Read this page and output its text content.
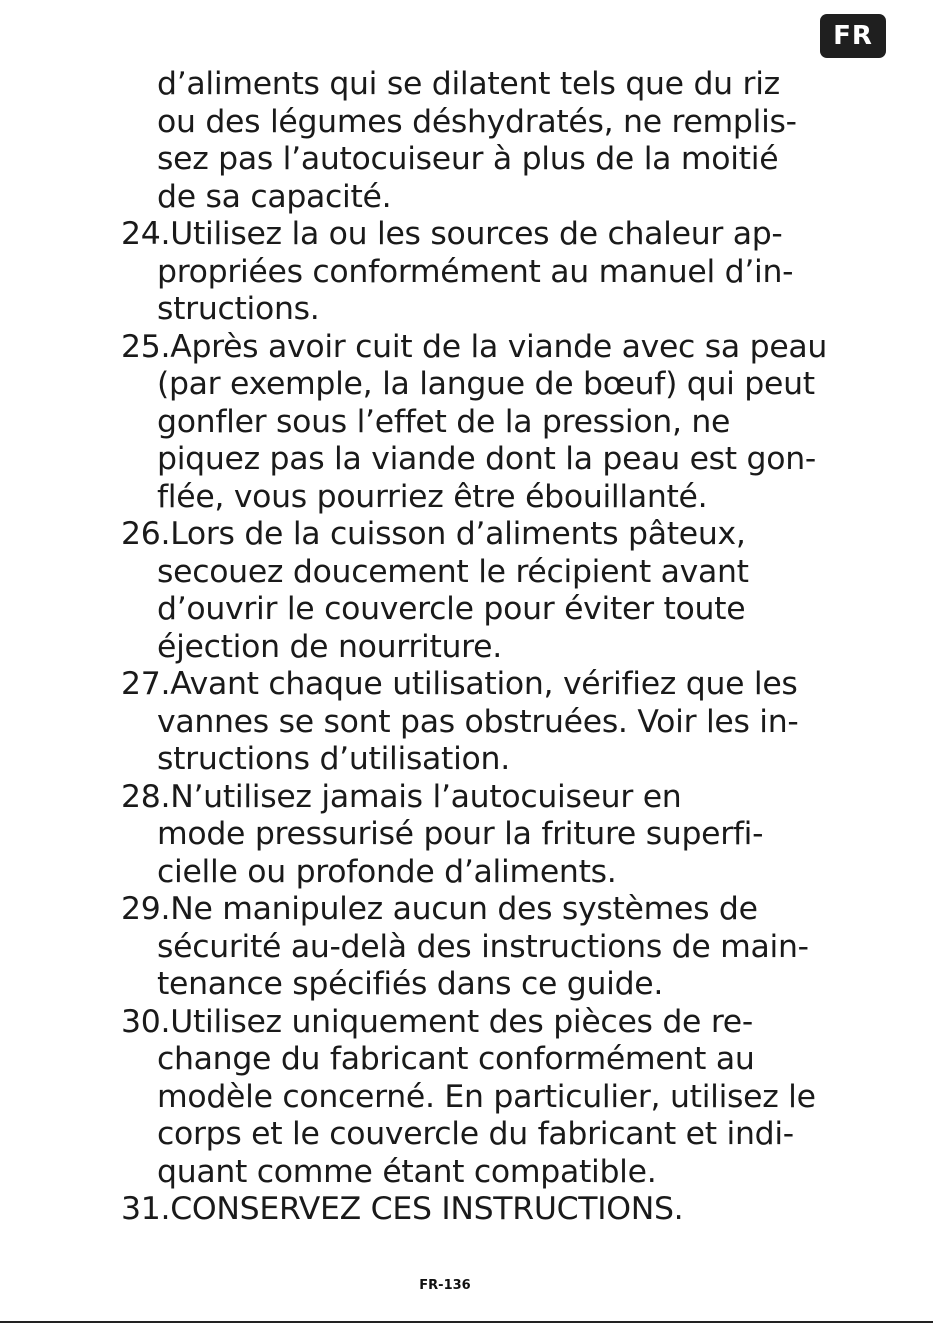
FR
d’aliments qui se dilatent tels que du riz
ou des légumes déshydratés, ne remplis-
sez pas l’autocuiseur à plus de la moitié
de sa capacité.
24.Utilisez la ou les sources de chaleur ap-
propriées conformément au manuel d’in-
structions.
25.Après avoir cuit de la viande avec sa peau
(par exemple, la langue de bœuf) qui peut
gonfler sous l’effet de la pression, ne
piquez pas la viande dont la peau est gon-
flée, vous pourriez être ébouillanté.
26.Lors de la cuisson d’aliments pâteux,
secouez doucement le récipient avant
d’ouvrir le couvercle pour éviter toute
éjection de nourriture.
27.Avant chaque utilisation, vérifiez que les
vannes se sont pas obstruées. Voir les in-
structions d’utilisation.
28.N’utilisez jamais l’autocuiseur en
mode pressurisé pour la friture superfi-
cielle ou profonde d’aliments.
29.Ne manipulez aucun des systèmes de
sécurité au-delà des instructions de main-
tenance spécifiés dans ce guide.
30.Utilisez uniquement des pièces de re-
change du fabricant conformément au
modèle concerné. En particulier, utilisez le
corps et le couvercle du fabricant et indi-
quant comme étant compatible.
31.CONSERVEZ CES INSTRUCTIONS.
FR-136
